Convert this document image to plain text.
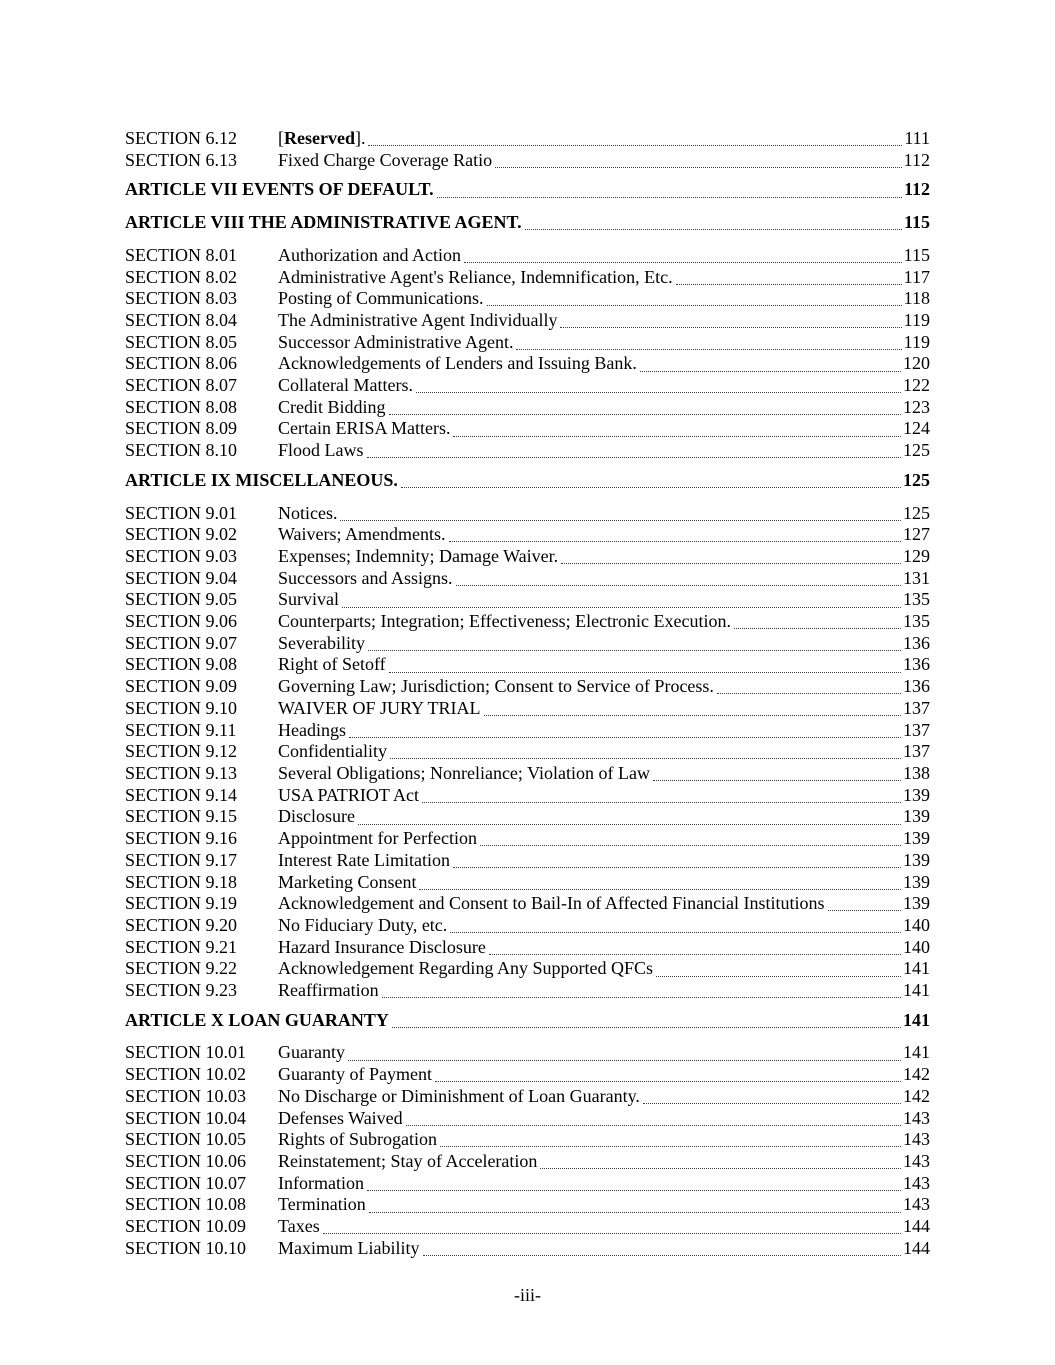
SECTION 6.12	[Reserved].	111
SECTION 6.13	Fixed Charge Coverage Ratio	112
ARTICLE VII EVENTS OF DEFAULT.	112
ARTICLE VIII THE ADMINISTRATIVE AGENT.	115
SECTION 8.01	Authorization and Action	115
SECTION 8.02	Administrative Agent's Reliance, Indemnification, Etc.	117
SECTION 8.03	Posting of Communications.	118
SECTION 8.04	The Administrative Agent Individually	119
SECTION 8.05	Successor Administrative Agent.	119
SECTION 8.06	Acknowledgements of Lenders and Issuing Bank.	120
SECTION 8.07	Collateral Matters.	122
SECTION 8.08	Credit Bidding	123
SECTION 8.09	Certain ERISA Matters.	124
SECTION 8.10	Flood Laws	125
ARTICLE IX MISCELLANEOUS.	125
SECTION 9.01	Notices.	125
SECTION 9.02	Waivers; Amendments.	127
SECTION 9.03	Expenses; Indemnity; Damage Waiver.	129
SECTION 9.04	Successors and Assigns.	131
SECTION 9.05	Survival	135
SECTION 9.06	Counterparts; Integration; Effectiveness; Electronic Execution.	135
SECTION 9.07	Severability	136
SECTION 9.08	Right of Setoff	136
SECTION 9.09	Governing Law; Jurisdiction; Consent to Service of Process.	136
SECTION 9.10	WAIVER OF JURY TRIAL	137
SECTION 9.11	Headings	137
SECTION 9.12	Confidentiality	137
SECTION 9.13	Several Obligations; Nonreliance; Violation of Law	138
SECTION 9.14	USA PATRIOT Act	139
SECTION 9.15	Disclosure	139
SECTION 9.16	Appointment for Perfection	139
SECTION 9.17	Interest Rate Limitation	139
SECTION 9.18	Marketing Consent	139
SECTION 9.19	Acknowledgement and Consent to Bail-In of Affected Financial Institutions	139
SECTION 9.20	No Fiduciary Duty, etc.	140
SECTION 9.21	Hazard Insurance Disclosure	140
SECTION 9.22	Acknowledgement Regarding Any Supported QFCs	141
SECTION 9.23	Reaffirmation	141
ARTICLE X LOAN GUARANTY	141
SECTION 10.01	Guaranty	141
SECTION 10.02	Guaranty of Payment	142
SECTION 10.03	No Discharge or Diminishment of Loan Guaranty.	142
SECTION 10.04	Defenses Waived	143
SECTION 10.05	Rights of Subrogation	143
SECTION 10.06	Reinstatement; Stay of Acceleration	143
SECTION 10.07	Information	143
SECTION 10.08	Termination	143
SECTION 10.09	Taxes	144
SECTION 10.10	Maximum Liability	144
-iii-
